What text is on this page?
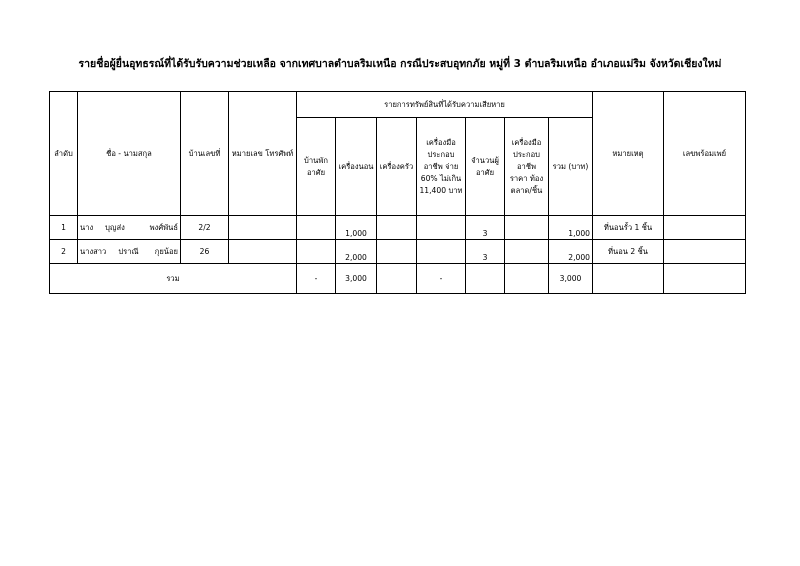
รายชื่อผู้ยื่นอุทธรณ์ที่ได้รับรับความช่วยเหลือ จากเทศบาลตำบลริมเหนือ กรณีประสบอุทกภัย หมู่ที่ 3 ตำบลริมเหนือ อำเภอแม่ริม จังหวัดเชียงใหม่
ลำดับ	ชื่อ - นามสกุล	บ้านเลขที่	หมายเลข โทรศัพท์	รายการทรัพย์สินที่ได้รับความเสียหาย							หมายเหตุ	เลขพร้อมเพย์
				บ้านพัก อาศัย	เครื่องนอน	เครื่องครัว	เครื่องมือ ประกอบ อาชีพ จ่าย 60% ไม่เกิน 11,400 บาท	จำนวนผู้ อาศัย	เครื่องมือ ประกอบ อาชีพ ราคา ท้องตลาด/ชิ้น	รวม (บาท)		
1	นาง บุญส่ง พงศ์พันธ์	2/2			1,000			3		1,000	ที่นอนรั้ว 1 ชิ้น	
2	นางสาว ปราณี กุยน้อย	26			2,000			3		2,000	ที่นอน 2 ชิ้น	
รวม				-	3,000		-			3,000		
